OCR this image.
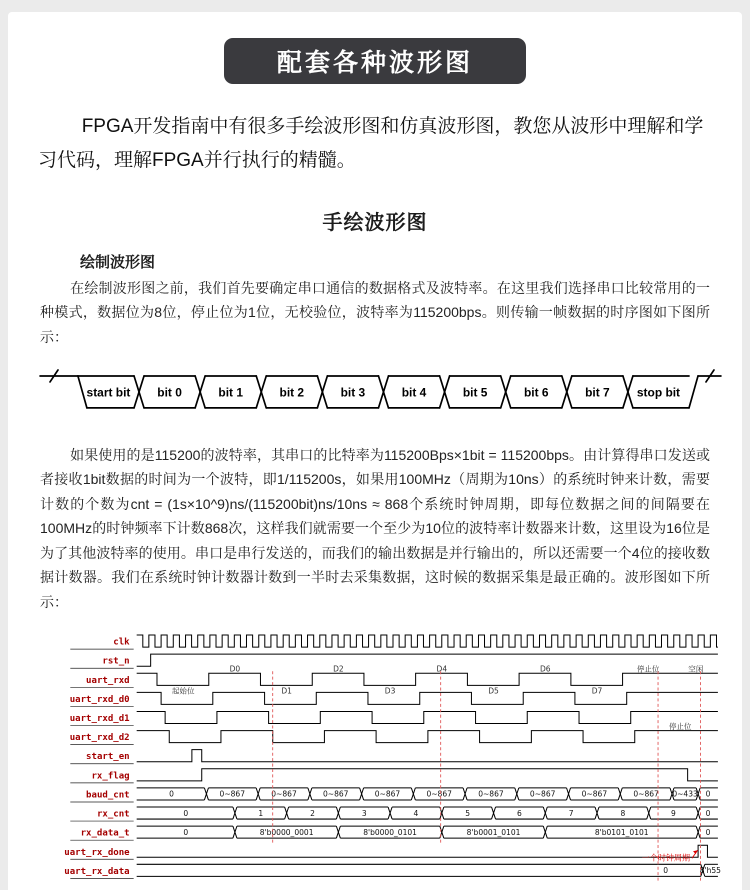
配套各种波形图

FPGA开发指南中有很多手绘波形图和仿真波形图，教您从波形中理解和学习代码，理解FPGA并行执行的精髓。

手绘波形图
绘制波形图

在绘制波形图之前，我们首先要确定串口通信的数据格式及波特率。在这里我们选择串口比较常用的一种模式，数据位为8位，停止位为1位，无校验位，波特率为115200bps。则传输一帧数据的时序图如下图所示：

start bit bit 0	bit 1	bit 2	bit 3	bit 4	bit 5	bit 6	bit 7 stop bit

如果使用的是115200的波特率，其串口的比特率为115200Bps×1bit = 115200bps。由计算得串口发送或者接收1bit数据的时间为一个波特，即1/115200s，如果用100MHz（周期为10ns）的系统时钟来计数，需要计数的个数为cnt = (1s×10^9)ns/(115200bit)ns/10ns ≈ 868个系统时钟周期，即每位数据之间的间隔要在100MHz的时钟频率下计数868次，这样我们就需要一个至少为10位的波特率计数器来计数，这里设为16位是为了其他波特率的使用。串口是串行发送的，而我们的输出数据是并行输出的，所以还需要一个4位的接收数据计数器。我们在系统时钟计数器计数到一半时去采集数据，这时候的数据采集是最正确的。波形图如下所示：

clk
rst_n
uart_rxd
起始位
D0
D1
D2
D3
D4
D5
D6
D7
停止位	空闲
uart_rxd_d0
uart_rxd_d1
uart_rxd_d2
停止位
start_en
rx_flag
baud_cnt	0	0~867	0~867	0~867	0~867	0~867	0~867	0~867	0~867	0~867 0~433 0
rx_cnt	0	1	2	3	4	5	6	7	8	9	0
rx_data_t	0	8'b0000_0001	8'b0000_0101	8'b0001_0101	8'b0101_0101	0
uart_rx_done
uart_rx_data	0	8'h55
一个时钟周期
